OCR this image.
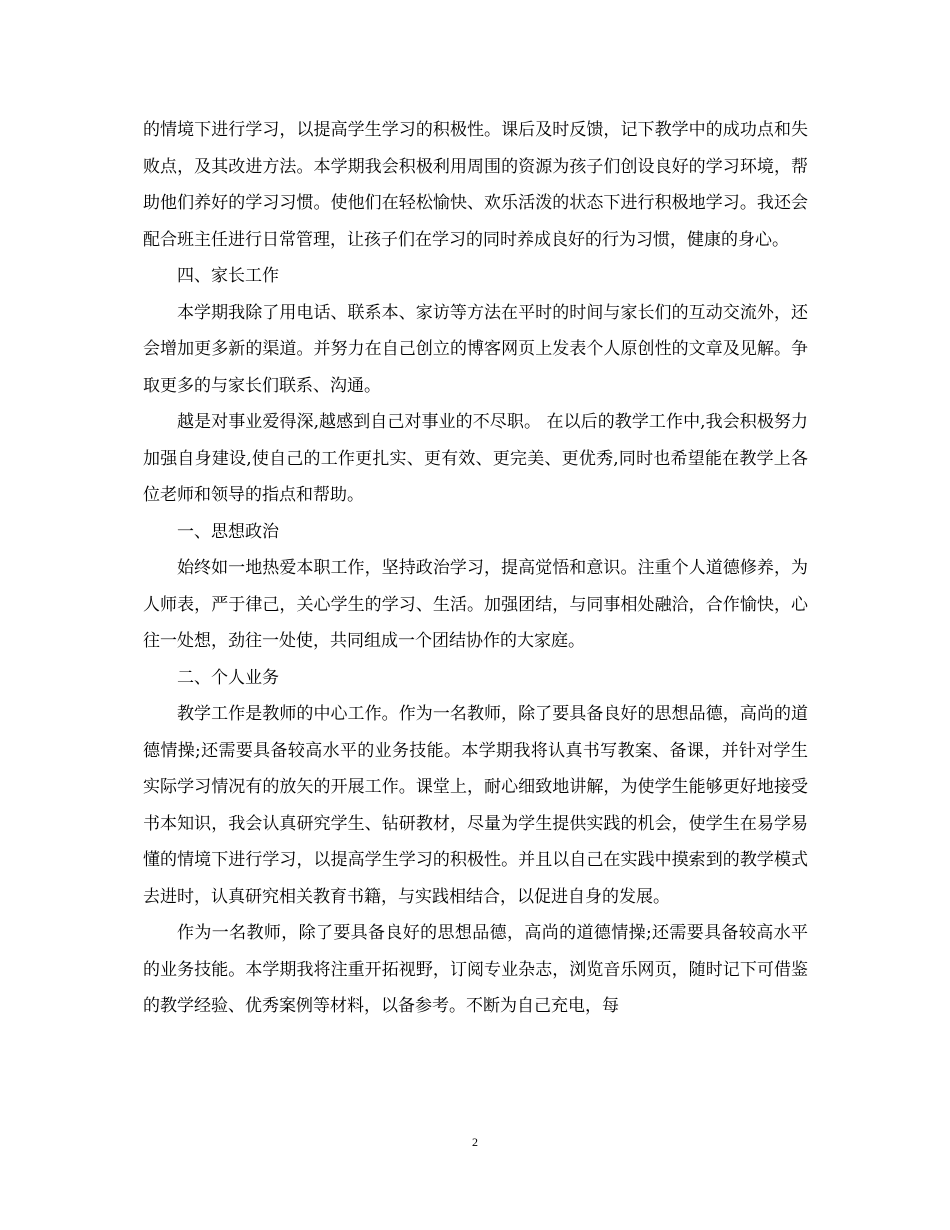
的情境下进行学习，以提高学生学习的积极性。课后及时反馈，记下教学中的成功点和失败点，及其改进方法。本学期我会积极利用周围的资源为孩子们创设良好的学习环境，帮助他们养好的学习习惯。使他们在轻松愉快、欢乐活泼的状态下进行积极地学习。我还会配合班主任进行日常管理，让孩子们在学习的同时养成良好的行为习惯，健康的身心。

四、家长工作

本学期我除了用电话、联系本、家访等方法在平时的时间与家长们的互动交流外，还会增加更多新的渠道。并努力在自己创立的博客网页上发表个人原创性的文章及见解。争取更多的与家长们联系、沟通。

越是对事业爱得深,越感到自己对事业的不尽职。 在以后的教学工作中,我会积极努力加强自身建设,使自己的工作更扎实、更有效、更完美、更优秀,同时也希望能在教学上各位老师和领导的指点和帮助。

一、思想政治

始终如一地热爱本职工作，坚持政治学习，提高觉悟和意识。注重个人道德修养，为人师表，严于律己，关心学生的学习、生活。加强团结，与同事相处融洽，合作愉快，心往一处想，劲往一处使，共同组成一个团结协作的大家庭。

二、个人业务

教学工作是教师的中心工作。作为一名教师，除了要具备良好的思想品德，高尚的道德情操;还需要具备较高水平的业务技能。本学期我将认真书写教案、备课，并针对学生实际学习情况有的放矢的开展工作。课堂上，耐心细致地讲解，为使学生能够更好地接受书本知识，我会认真研究学生、钻研教材，尽量为学生提供实践的机会，使学生在易学易懂的情境下进行学习，以提高学生学习的积极性。并且以自己在实践中摸索到的教学模式去进时，认真研究相关教育书籍，与实践相结合，以促进自身的发展。

作为一名教师，除了要具备良好的思想品德，高尚的道德情操;还需要具备较高水平的业务技能。本学期我将注重开拓视野，订阅专业杂志，浏览音乐网页，随时记下可借鉴的教学经验、优秀案例等材料，以备参考。不断为自己充电，每

2
